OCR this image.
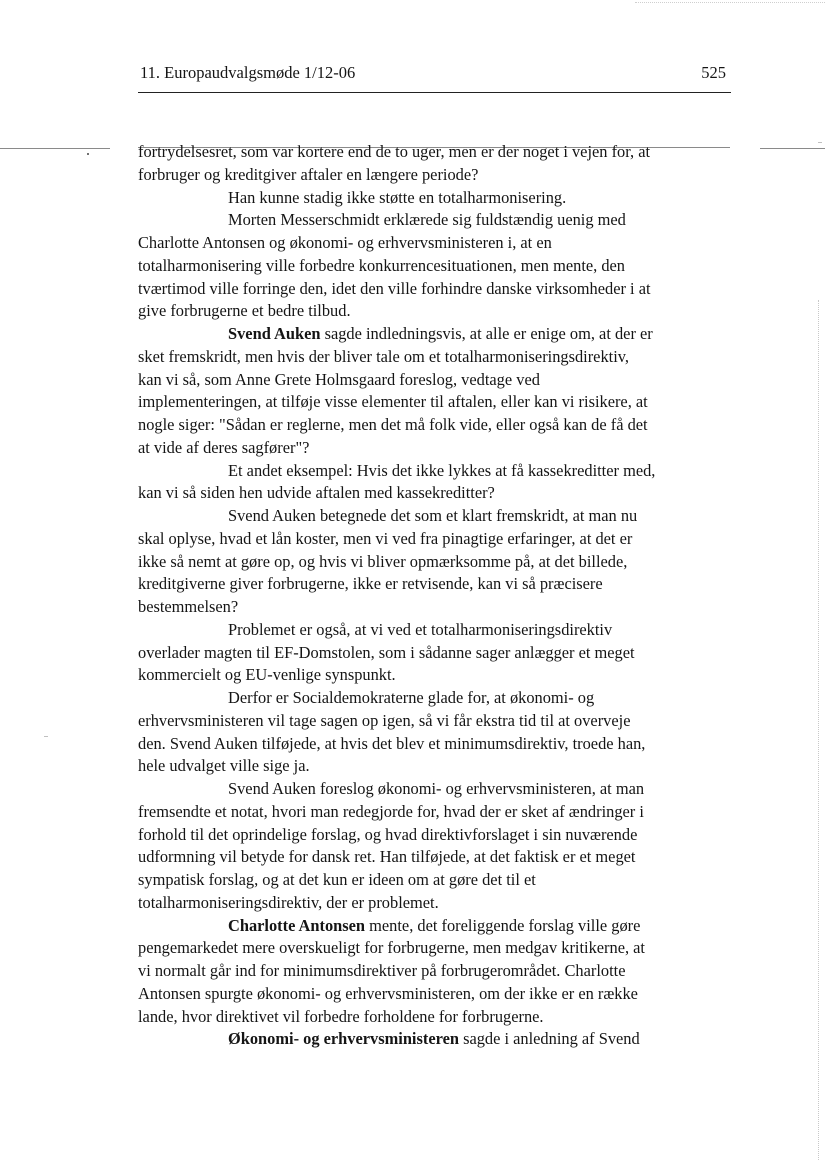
11. Europaudvalgsmøde 1/12-06	525

fortrydelsesret, som var kortere end de to uger, men er der noget i vejen for, at
forbruger og kreditgiver aftaler en længere periode?

Han kunne stadig ikke støtte en totalharmonisering.

Morten Messerschmidt erklærede sig fuldstændig uenig med
Charlotte Antonsen og økonomi- og erhvervsministeren i, at en
totalharmonisering ville forbedre konkurrencesituationen, men mente, den
tværtimod ville forringe den, idet den ville forhindre danske virksomheder i at
give forbrugerne et bedre tilbud.

Svend Auken sagde indledningsvis, at alle er enige om, at der er
sket fremskridt, men hvis der bliver tale om et totalharmoniseringsdirektiv,
kan vi så, som Anne Grete Holmsgaard foreslog, vedtage ved
implementeringen, at tilføje visse elementer til aftalen, eller kan vi risikere, at
nogle siger: "Sådan er reglerne, men det må folk vide, eller også kan de få det
at vide af deres sagfører"?

Et andet eksempel: Hvis det ikke lykkes at få kassekreditter med,
kan vi så siden hen udvide aftalen med kassekreditter?

Svend Auken betegnede det som et klart fremskridt, at man nu
skal oplyse, hvad et lån koster, men vi ved fra pinagtige erfaringer, at det er
ikke så nemt at gøre op, og hvis vi bliver opmærksomme på, at det billede,
kreditgiverne giver forbrugerne, ikke er retvisende, kan vi så præcisere
bestemmelsen?

Problemet er også, at vi ved et totalharmoniseringsdirektiv
overlader magten til EF-Domstolen, som i sådanne sager anlægger et meget
kommercielt og EU-venlige synspunkt.

Derfor er Socialdemokraterne glade for, at økonomi- og
erhvervsministeren vil tage sagen op igen, så vi får ekstra tid til at overveje
den. Svend Auken tilføjede, at hvis det blev et minimumsdirektiv, troede han,
hele udvalget ville sige ja.

Svend Auken foreslog økonomi- og erhvervsministeren, at man
fremsendte et notat, hvori man redegjorde for, hvad der er sket af ændringer i
forhold til det oprindelige forslag, og hvad direktivforslaget i sin nuværende
udformning vil betyde for dansk ret. Han tilføjede, at det faktisk er et meget
sympatisk forslag, og at det kun er ideen om at gøre det til et
totalharmoniseringsdirektiv, der er problemet.

Charlotte Antonsen mente, det foreliggende forslag ville gøre
pengemarkedet mere overskueligt for forbrugerne, men medgav kritikerne, at
vi normalt går ind for minimumsdirektiver på forbrugerområdet. Charlotte
Antonsen spurgte økonomi- og erhvervsministeren, om der ikke er en række
lande, hvor direktivet vil forbedre forholdene for forbrugerne.

Økonomi- og erhvervsministeren sagde i anledning af Svend
